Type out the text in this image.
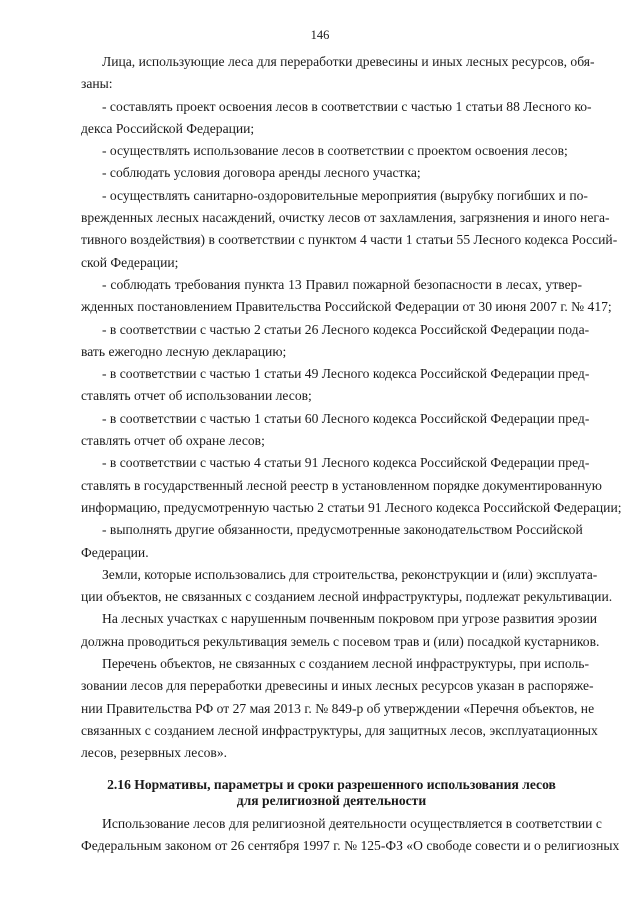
146
Лица, использующие леса для переработки древесины и иных лесных ресурсов, обя-
заны:
- составлять проект освоения лесов в соответствии с частью 1 статьи 88 Лесного ко-
декса Российской Федерации;
- осуществлять использование лесов в соответствии с проектом освоения лесов;
- соблюдать условия договора аренды лесного участка;
- осуществлять санитарно-оздоровительные мероприятия (вырубку погибших и по-
врежденных лесных насаждений, очистку лесов от захламления, загрязнения и иного нега-
тивного воздействия) в соответствии с пунктом 4 части 1 статьи 55 Лесного кодекса Россий-
ской Федерации;
- соблюдать требования пункта 13 Правил пожарной безопасности в лесах, утвер-
жденных постановлением Правительства Российской Федерации от 30 июня 2007 г. № 417;
- в соответствии с частью 2 статьи 26 Лесного кодекса Российской Федерации пода-
вать ежегодно лесную декларацию;
- в соответствии с частью 1 статьи 49 Лесного кодекса Российской Федерации пред-
ставлять отчет об использовании лесов;
- в соответствии с частью 1 статьи 60 Лесного кодекса Российской Федерации пред-
ставлять отчет об охране лесов;
- в соответствии с частью 4 статьи 91 Лесного кодекса Российской Федерации пред-
ставлять в государственный лесной реестр в установленном порядке документированную
информацию, предусмотренную частью 2 статьи 91 Лесного кодекса Российской Федерации;
- выполнять другие обязанности, предусмотренные законодательством Российской
Федерации.
Земли, которые использовались для строительства, реконструкции и (или) эксплуата-
ции объектов, не связанных с созданием лесной инфраструктуры, подлежат рекультивации.
На лесных участках с нарушенным почвенным покровом при угрозе развития эрозии
должна проводиться рекультивация земель с посевом трав и (или) посадкой кустарников.
Перечень объектов, не связанных с созданием лесной инфраструктуры, при исполь-
зовании лесов для переработки древесины и иных лесных ресурсов указан в распоряже-
нии Правительства РФ от 27 мая 2013 г. № 849-р об утверждении «Перечня объектов, не
связанных с созданием лесной инфраструктуры, для защитных лесов, эксплуатационных
лесов, резервных лесов».
2.16 Нормативы, параметры и сроки разрешенного использования лесов
для религиозной деятельности
Использование лесов для религиозной деятельности осуществляется в соответствии с
Федеральным законом от 26 сентября 1997 г. № 125-ФЗ «О свободе совести и о религиозных
